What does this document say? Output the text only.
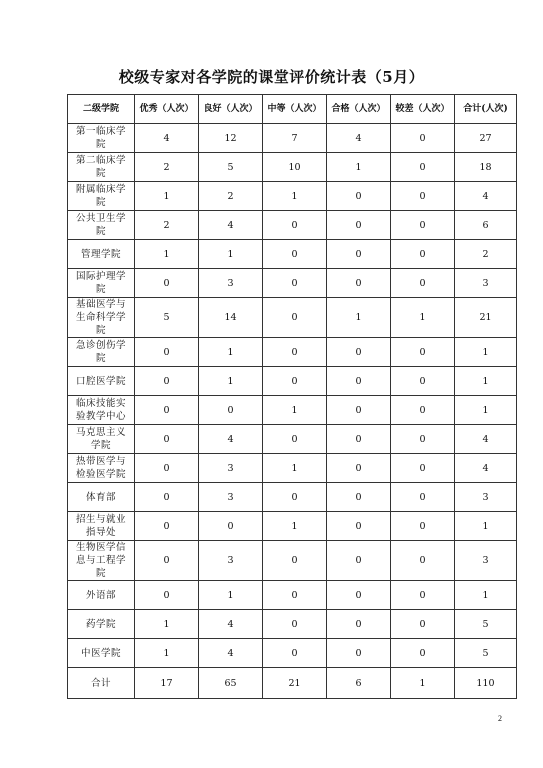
校级专家对各学院的课堂评价统计表（5月）
二级学院	优秀（人次）	良好（人次）	中等（人次）	合格（人次）	较差（人次）	合计(人次)
第一临床学院	4	12	7	4	0	27
第二临床学院	2	5	10	1	0	18
附属临床学院	1	2	1	0	0	4
公共卫生学院	2	4	0	0	0	6
管理学院	1	1	0	0	0	2
国际护理学院	0	3	0	0	0	3
基础医学与生命科学学院	5	14	0	1	1	21
急诊创伤学院	0	1	0	0	0	1
口腔医学院	0	1	0	0	0	1
临床技能实验教学中心	0	0	1	0	0	1
马克思主义学院	0	4	0	0	0	4
热带医学与检验医学院	0	3	1	0	0	4
体育部	0	3	0	0	0	3
招生与就业指导处	0	0	1	0	0	1
生物医学信息与工程学院	0	3	0	0	0	3
外语部	0	1	0	0	0	1
药学院	1	4	0	0	0	5
中医学院	1	4	0	0	0	5
合计	17	65	21	6	1	110
2
